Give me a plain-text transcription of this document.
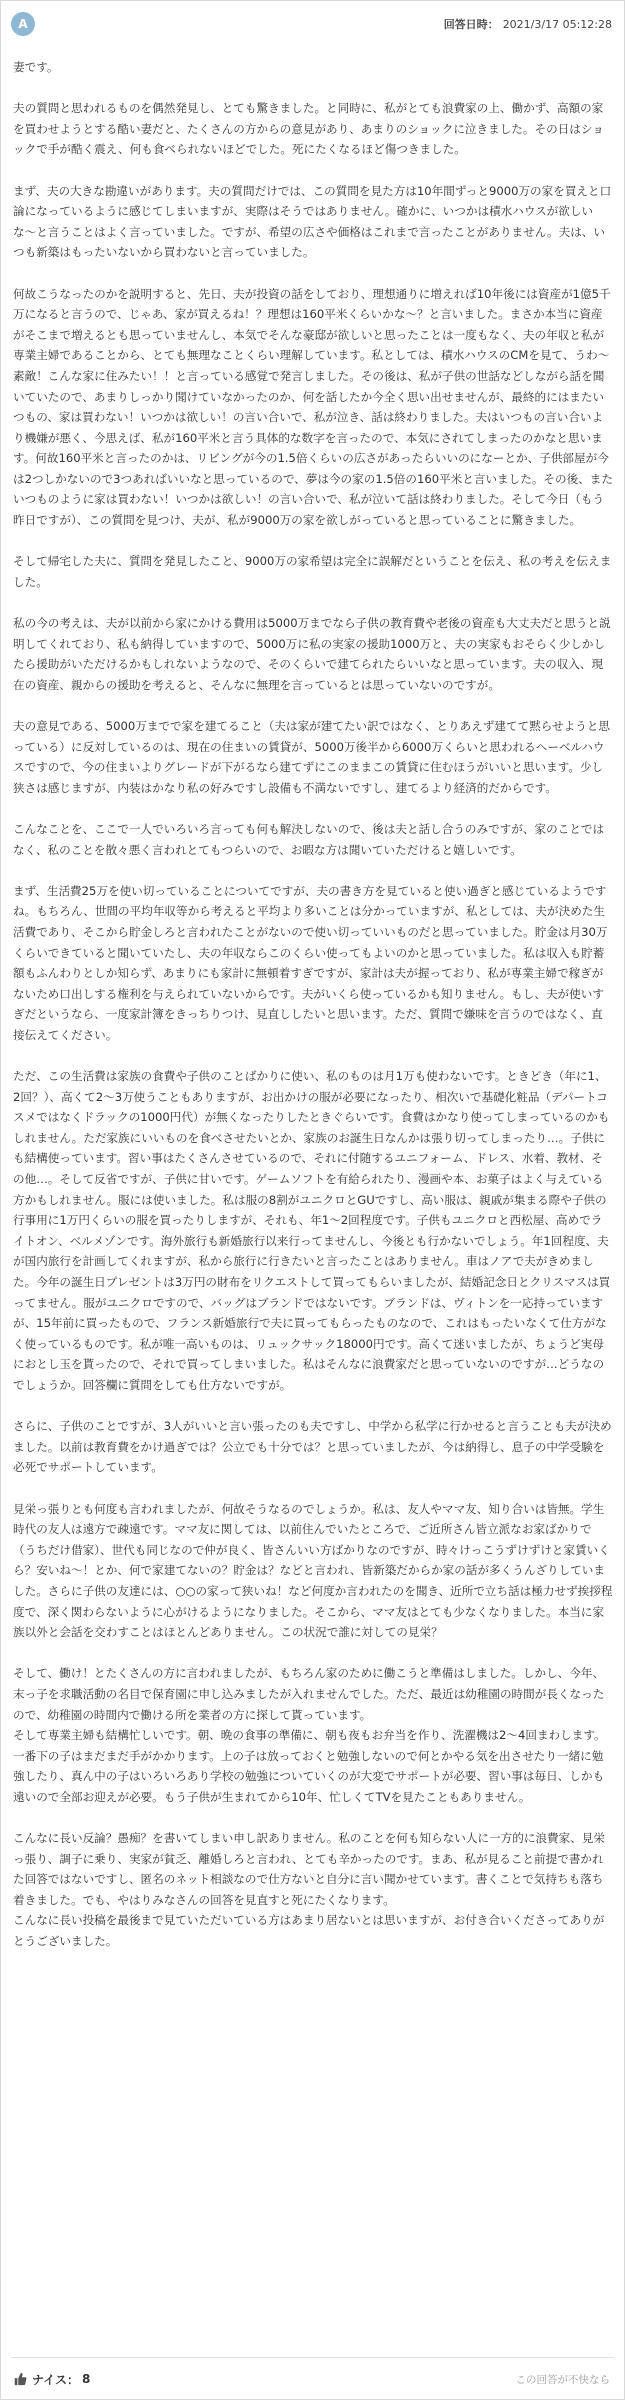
A	回答日時： 2021/3/17 05:12:28
妻です。

夫の質問と思われるものを偶然発見し、とても驚きました。と同時に、私がとても浪費家の上、働かず、高額の家を買わせようとする酷い妻だと、たくさんの方からの意見があり、あまりのショックに泣きました。その日はショックで手が酷く震え、何も食べられないほどでした。死にたくなるほど傷つきました。

まず、夫の大きな勘違いがあります。夫の質問だけでは、この質問を見た方は10年間ずっと9000万の家を買えと口論になっているように感じてしまいますが、実際はそうではありません。確かに、いつかは積水ハウスが欲しいな〜と言うことはよく言っていました。ですが、希望の広さや価格はこれまで言ったことがありません。夫は、いつも新築はもったいないから買わないと言っていました。

何故こうなったのかを説明すると、先日、夫が投資の話をしており、理想通りに増えれば10年後には資産が1億5千万になると言うので、じゃあ、家が買えるね！？理想は160平米くらいかな〜？と言いました。まさか本当に資産がそこまで増えるとも思っていませんし、本気でそんな豪邸が欲しいと思ったことは一度もなく、夫の年収と私が専業主婦であることから、とても無理なことくらい理解しています。私としては、積水ハウスのCMを見て、うわ〜素敵！こんな家に住みたい！！と言っている感覚で発言しました。その後は、私が子供の世話などしながら話を聞いていたので、あまりしっかり聞けていなかったのか、何を話したか今全く思い出せませんが、最終的にはまたいつもの、家は買わない！いつかは欲しい！の言い合いで、私が泣き、話は終わりました。夫はいつもの言い合いより機嫌が悪く、今思えば、私が160平米と言う具体的な数字を言ったので、本気にされてしまったのかなと思います。何故160平米と言ったのかは、リビングが今の1.5倍くらいの広さがあったらいいのになーとか、子供部屋が今は2つしかないので3つあればいいなと思っているので、夢は今の家の1.5倍の160平米と言いました。その後、またいつものように家は買わない！いつかは欲しい！の言い合いで、私が泣いて話は終わりました。そして今日（もう昨日ですが）、この質問を見つけ、夫が、私が9000万の家を欲しがっていると思っていることに驚きました。

そして帰宅した夫に、質問を発見したこと、9000万の家希望は完全に誤解だということを伝え、私の考えを伝えました。

私の今の考えは、夫が以前から家にかける費用は5000万までなら子供の教育費や老後の資産も大丈夫だと思うと説明してくれており、私も納得していますので、5000万に私の実家の援助1000万と、夫の実家もおそらく少しかしたら援助がいただけるかもしれないようなので、そのくらいで建てられたらいいなと思っています。夫の収入、現在の資産、親からの援助を考えると、そんなに無理を言っているとは思っていないのですが。

夫の意見である、5000万までで家を建てること（夫は家が建てたい訳ではなく、とりあえず建てて黙らせようと思っている）に反対しているのは、現在の住まいの賃貸が、5000万後半から6000万くらいと思われるヘーベルハウスですので、今の住まいよりグレードが下がるなら建てずにこのままこの賃貸に住むほうがいいと思います。少し狭さは感じますが、内装はかなり私の好みですし設備も不満ないですし、建てるより経済的だからです。

こんなことを、ここで一人でいろいろ言っても何も解決しないので、後は夫と話し合うのみですが、家のことではなく、私のことを散々悪く言われとてもつらいので、お暇な方は聞いていただけると嬉しいです。

まず、生活費25万を使い切っていることについてですが、夫の書き方を見ていると使い過ぎと感じているようですね。もちろん、世間の平均年収等から考えると平均より多いことは分かっていますが、私としては、夫が決めた生活費であり、そこから貯金しろと言われたことがないので使い切っていいものだと思っていました。貯金は月30万くらいできていると聞いていたし、夫の年収ならこのくらい使ってもよいのかと思っていました。私は収入も貯蓄額もふんわりとしか知らず、あまりにも家計に無頓着すぎですが、家計は夫が握っており、私が専業主婦で稼ぎがないため口出しする権利を与えられていないからです。夫がいくら使っているかも知りません。もし、夫が使いすぎだというなら、一度家計簿をきっちりつけ、見直ししたいと思います。ただ、質問で嫌味を言うのではなく、直接伝えてください。

ただ、この生活費は家族の食費や子供のことばかりに使い、私のものは月1万も使わないです。ときどき（年に1、2回？）、高くて2〜3万使うこともありますが、お出かけの服が必要になったり、相次いで基礎化粧品（デパートコスメではなくドラックの1000円代）が無くなったりしたときぐらいです。食費はかなり使ってしまっているのかもしれません。ただ家族にいいものを食べさせたいとか、家族のお誕生日なんかは張り切ってしまったり…。子供にも結構使っています。習い事はたくさんさせているので、それに付随するユニフォーム、ドレス、水着、教材、その他…。そして反省ですが、子供に甘いです。ゲームソフトを有給られたり、漫画や本、お菓子はよく与えている方かもしれません。服には使いました。私は服の8割がユニクロとGUですし、高い服は、親戚が集まる際や子供の行事用に1万円くらいの服を買ったりしますが、それも、年1〜2回程度です。子供もユニクロと西松屋、高めでライトオン、ベルメゾンです。海外旅行も新婚旅行以来行ってませんし、今後とも行かないでしょう。年1回程度、夫が国内旅行を計画してくれますが、私から旅行に行きたいと言ったことはありません。車はノアで夫がきめました。今年の誕生日プレゼントは3万円の財布をリクエストして買ってもらいましたが、結婚記念日とクリスマスは買ってません。服がユニクロですので、バッグはブランドではないです。ブランドは、ヴィトンを一応持っていますが、15年前に買ったもので、フランス新婚旅行で夫に買ってもらったものなので、これはもったいなくて仕方がなく使っているものです。私が唯一高いものは、リュックサック18000円です。高くて迷いましたが、ちょうど実母におとし玉を貰ったので、それで買ってしまいました。私はそんなに浪費家だと思っていないのですが…どうなのでしょうか。回答欄に質問をしても仕方ないですが。

さらに、子供のことですが、3人がいいと言い張ったのも夫ですし、中学から私学に行かせると言うことも夫が決めました。以前は教育費をかけ過ぎでは？公立でも十分では？と思っていましたが、今は納得し、息子の中学受験を必死でサポートしています。

見栄っ張りとも何度も言われましたが、何故そうなるのでしょうか。私は、友人やママ友、知り合いは皆無。学生時代の友人は遠方で疎遠です。ママ友に関しては、以前住んでいたところで、ご近所さん皆立派なお家ばかりで（うちだけ借家）、世代も同じなので仲が良く、皆さんいい方ばかりなのですが、時々けっこうずけずけと家賃いくら？安いね〜！とか、何で家建てないの？貯金は？などと言われ、皆新築だからか家の話が多くうんざりしていました。さらに子供の友達には、○○の家って狭いね！など何度か言われたのを聞き、近所で立ち話は極力せず挨拶程度で、深く関わらないように心がけるようになりました。そこから、ママ友はとても少なくなりました。本当に家族以外と会話を交わすことはほとんどありません。この状況で誰に対しての見栄？

そして、働け！とたくさんの方に言われましたが、もちろん家のために働こうと準備はしました。しかし、今年、末っ子を求職活動の名目で保育園に申し込みましたが入れませんでした。ただ、最近は幼稚園の時間が長くなったので、幼稚園の時間内で働ける所を業者の方に探して貰っています。
そして専業主婦も結構忙しいです。朝、晩の食事の準備に、朝も夜もお弁当を作り、洗濯機は2〜4回まわします。一番下の子はまだまだ手がかかります。上の子は放っておくと勉強しないので何とかやる気を出させたり一緒に勉強したり、真ん中の子はいろいろあり学校の勉強についていくのが大変でサポートが必要、習い事は毎日、しかも遠いので全部お迎えが必要。もう子供が生まれてから10年、忙しくてTVを見たこともありません。

こんなに長い反論？愚痴？を書いてしまい申し訳ありません。私のことを何も知らない人に一方的に浪費家、見栄っ張り、調子に乗り、実家が貧乏、離婚しろと言われ、とても辛かったのです。まあ、私が見ること前提で書かれた回答ではないですし、匿名のネット相談なので仕方ないと自分に言い聞かせています。書くことで気持ちも落ち着きました。でも、やはりみなさんの回答を見直すと死にたくなります。
こんなに長い投稿を最後まで見ていただいている方はあまり居ないとは思いますが、お付き合いくださってありがとうございました。
ナイス： 8	この回答が不快なら
